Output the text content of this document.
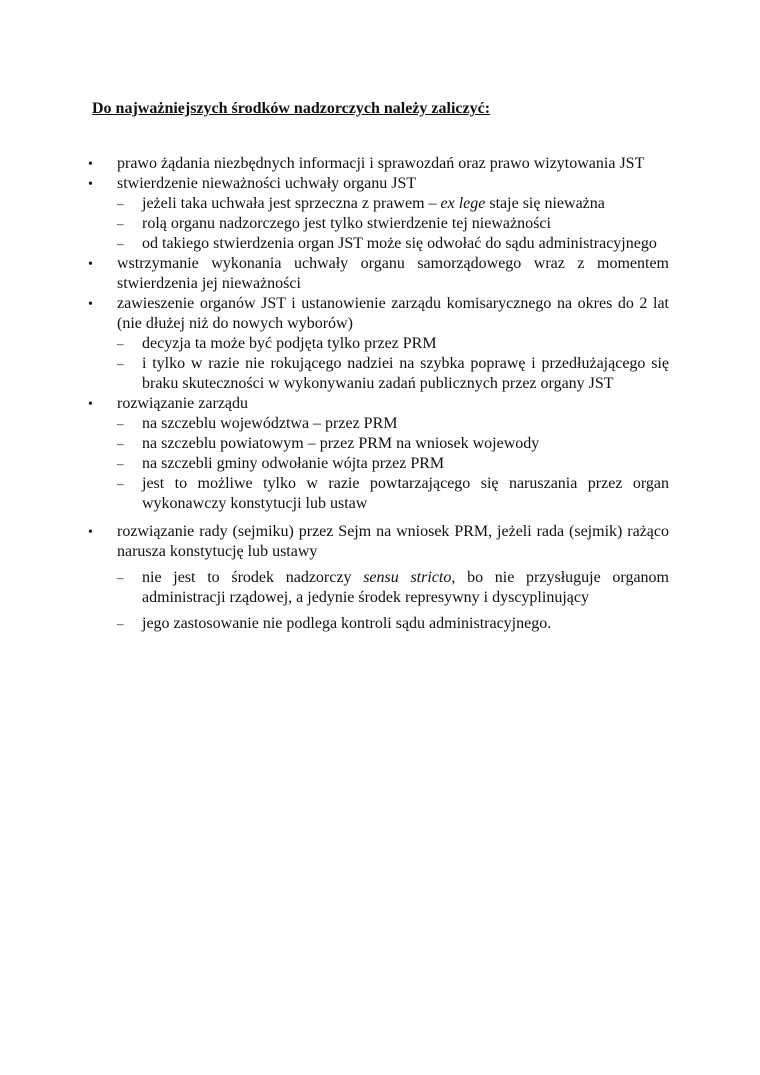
Do najważniejszych środków nadzorczych należy zaliczyć:
• prawo żądania niezbędnych informacji i sprawozdań oraz prawo wizytowania JST
• stwierdzenie nieważności uchwały organu JST
– jeżeli taka uchwała jest sprzeczna z prawem – ex lege staje się nieważna
– rolą organu nadzorczego jest tylko stwierdzenie tej nieważności
– od takiego stwierdzenia organ JST może się odwołać do sądu administracyjnego
• wstrzymanie wykonania uchwały organu samorządowego wraz z momentem stwierdzenia jej nieważności
• zawieszenie organów JST i ustanowienie zarządu komisarycznego na okres do 2 lat (nie dłużej niż do nowych wyborów)
– decyzja ta może być podjęta tylko przez PRM
– i tylko w razie nie rokującego nadziei na szybka poprawę i przedłużającego się braku skuteczności w wykonywaniu zadań publicznych przez organy JST
• rozwiązanie zarządu
– na szczeblu województwa – przez PRM
– na szczeblu powiatowym – przez PRM na wniosek wojewody
– na szczebli gminy odwołanie wójta przez PRM
– jest to możliwe tylko w razie powtarzającego się naruszania przez organ wykonawczy konstytucji lub ustaw
• rozwiązanie rady (sejmiku) przez Sejm na wniosek PRM, jeżeli rada (sejmik) rażąco narusza konstytucję lub ustawy
– nie jest to środek nadzorczy sensu stricto, bo nie przysługuje organom administracji rządowej, a jedynie środek represywny i dyscyplinujący
– jego zastosowanie nie podlega kontroli sądu administracyjnego.
